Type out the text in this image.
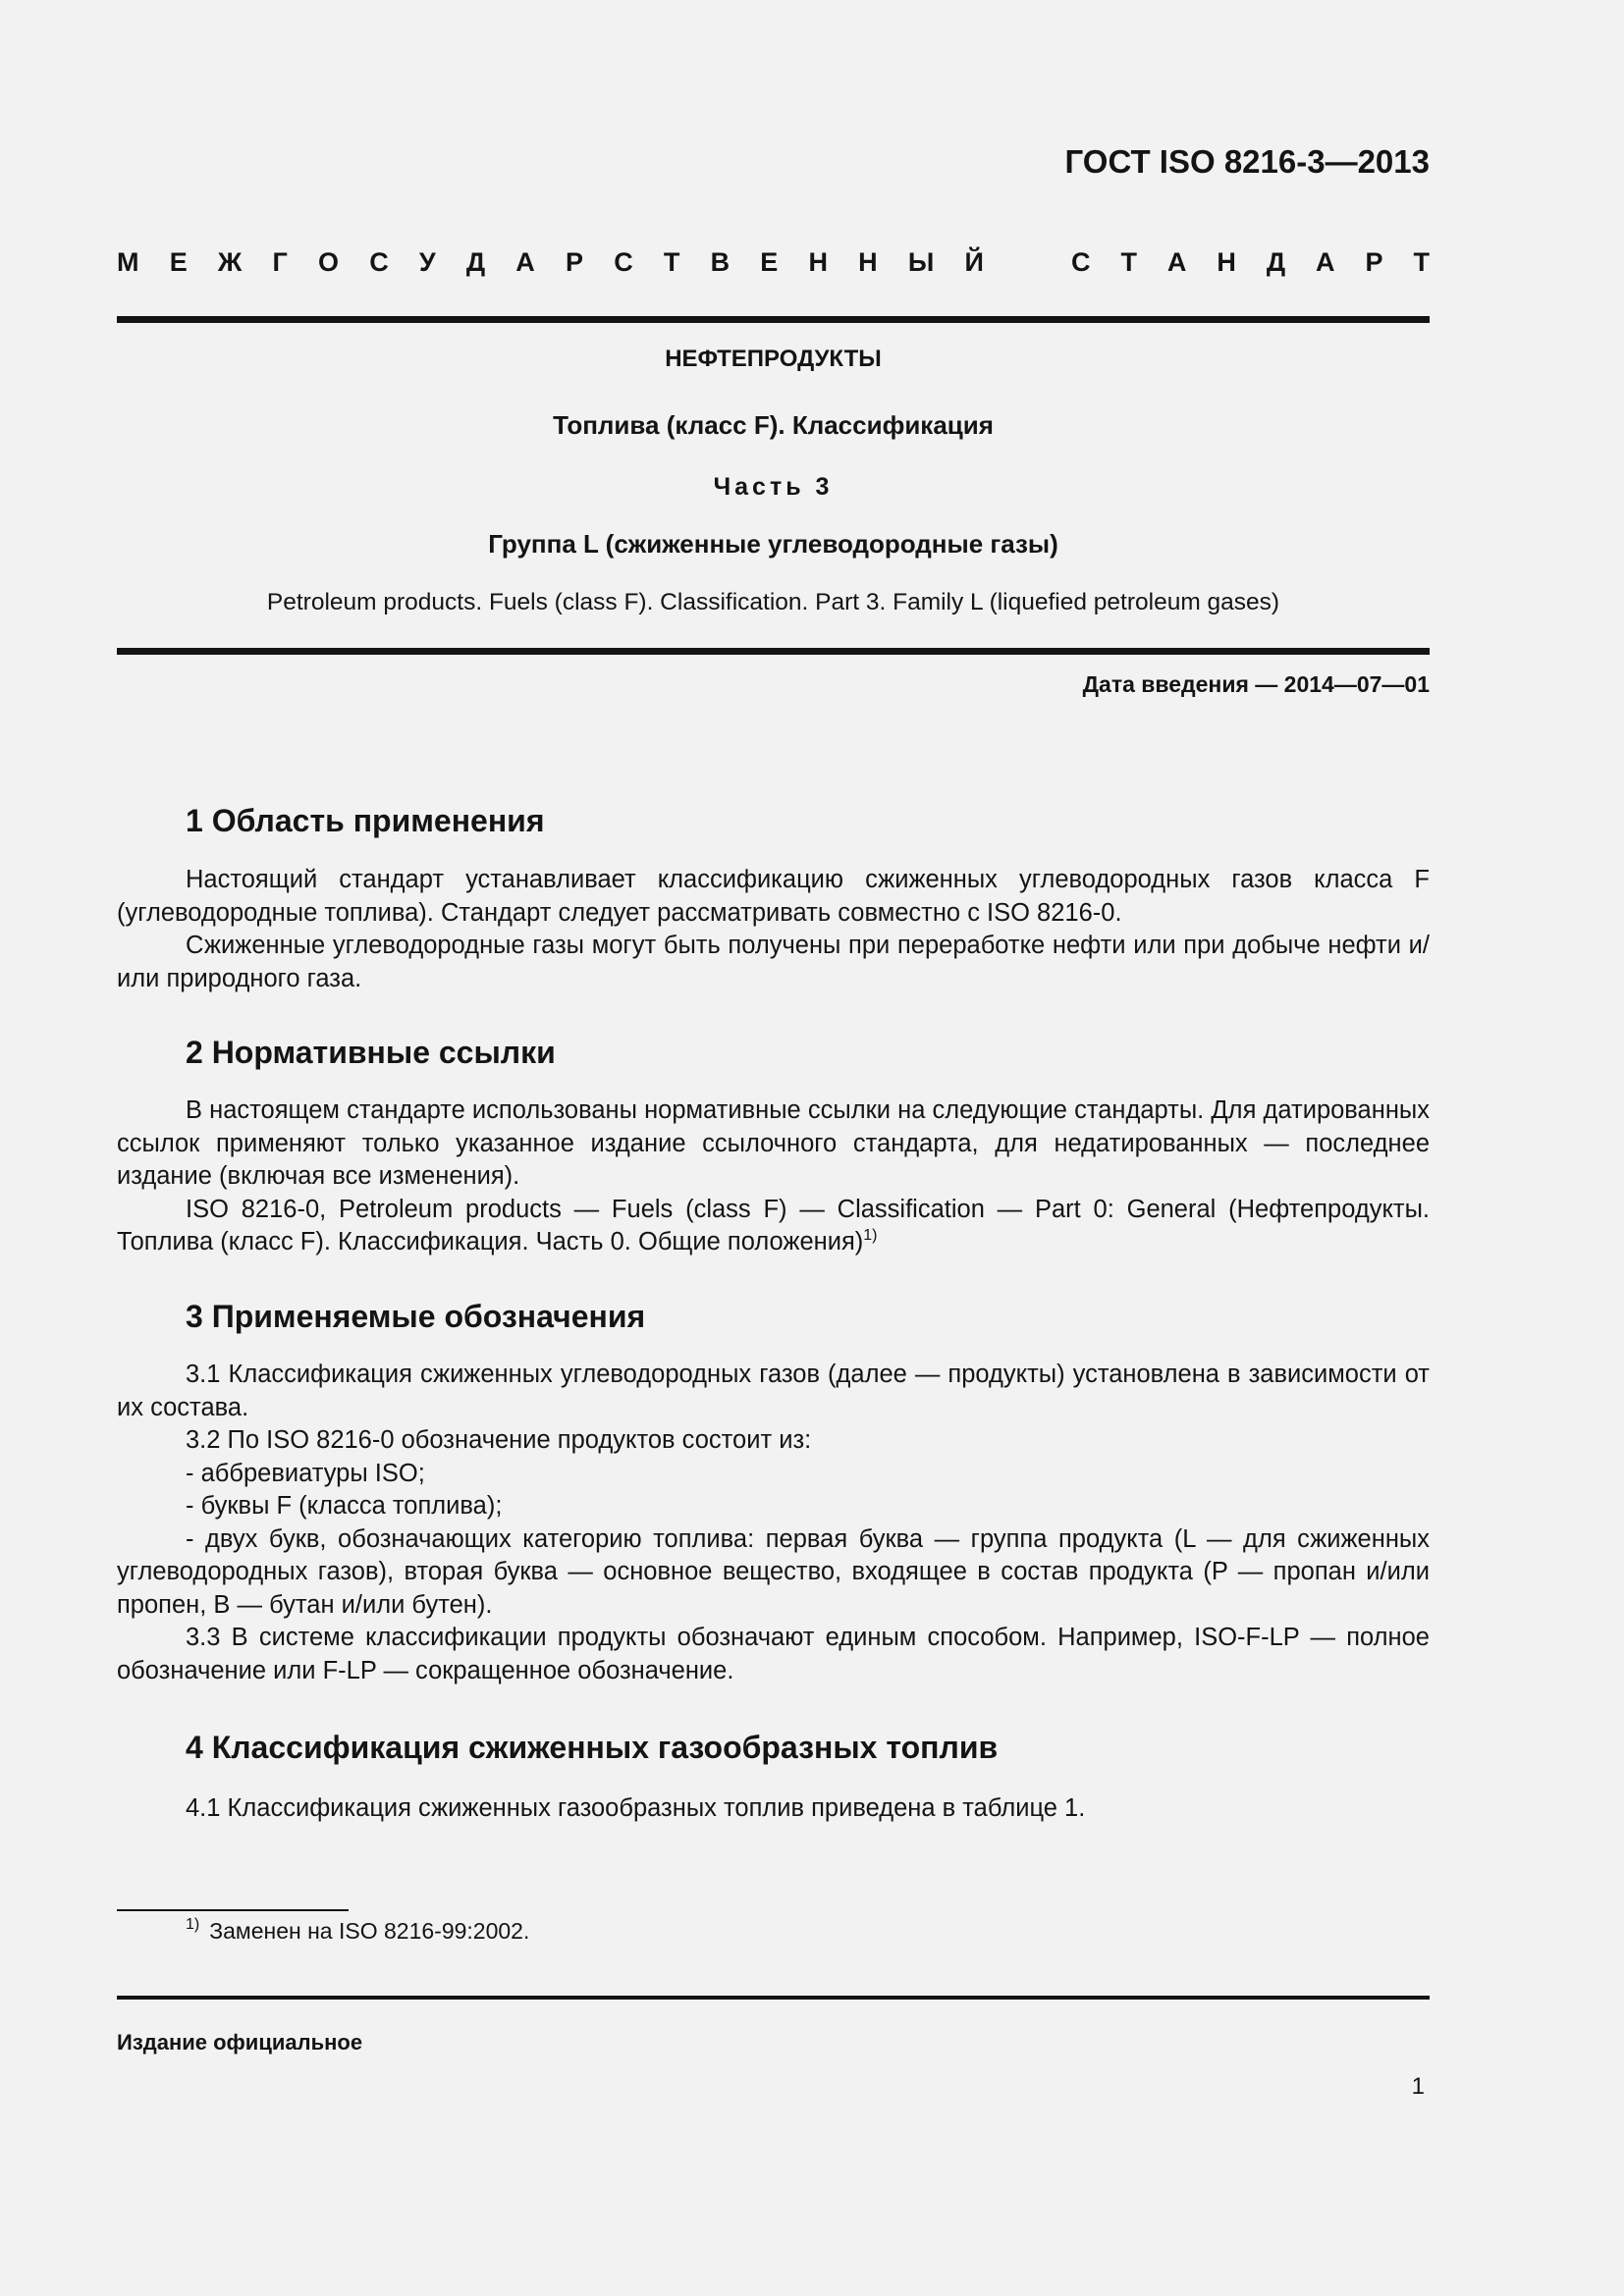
ГОСТ ISO 8216-3—2013
М Е Ж Г О С У Д А Р С Т В Е Н Н Ы Й	С Т А Н Д А Р Т
НЕФТЕПРОДУКТЫ
Топлива (класс F). Классификация
Часть 3
Группа L (сжиженные углеводородные газы)
Petroleum products. Fuels (class F). Classification. Part 3. Family L (liquefied petroleum gases)
Дата введения — 2014—07—01
1 Область применения

Настоящий стандарт устанавливает классификацию сжиженных углеводородных газов класса F (углеводородные топлива). Стандарт следует рассматривать совместно с ISO 8216-0.

Сжиженные углеводородные газы могут быть получены при переработке нефти или при добыче нефти и/или природного газа.

2 Нормативные ссылки

В настоящем стандарте использованы нормативные ссылки на следующие стандарты. Для датированных ссылок применяют только указанное издание ссылочного стандарта, для недатированных — последнее издание (включая все изменения).

ISO 8216-0, Petroleum products — Fuels (class F) — Classification — Part 0: General (Нефтепродукты. Топлива (класс F). Классификация. Часть 0. Общие положения)$^{1)}$

3 Применяемые обозначения

3.1 Классификация сжиженных углеводородных газов (далее — продукты) установлена в зависимости от их состава.

3.2 По ISO 8216-0 обозначение продуктов состоит из:

- аббревиатуры ISO;

- буквы F (класса топлива);

- двух букв, обозначающих категорию топлива: первая буква — группа продукта (L — для сжиженных углеводородных газов), вторая буква — основное вещество, входящее в состав продукта (P — пропан и/или пропен, B — бутан и/или бутен).

3.3 В системе классификации продукты обозначают единым способом. Например, ISO-F-LP — полное обозначение или F-LP — сокращенное обозначение.

4 Классификация сжиженных газообразных топлив

4.1 Классификация сжиженных газообразных топлив приведена в таблице 1.

$^{1)}$ Заменен на ISO 8216-99:2002.
Издание официальное
1
